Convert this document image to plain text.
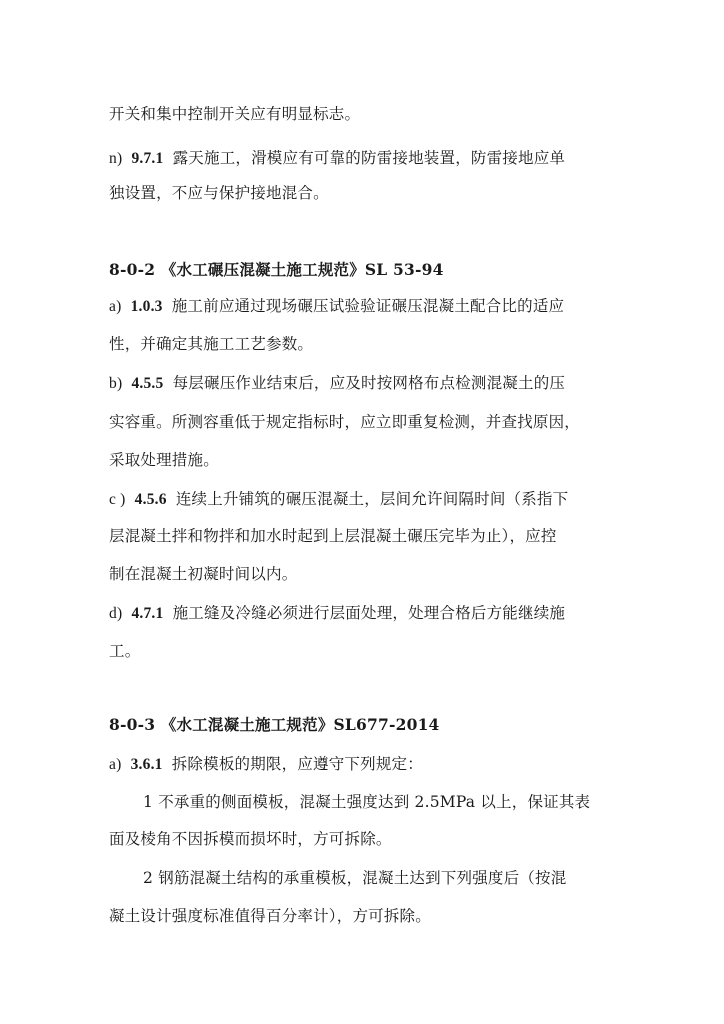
开关和集中控制开关应有明显标志。
n) 9.7.1 露天施工，滑模应有可靠的防雷接地装置，防雷接地应单
独设置，不应与保护接地混合。
8-0-2 《水工碾压混凝土施工规范》SL 53-94
a) 1.0.3 施工前应通过现场碾压试验验证碾压混凝土配合比的适应
性，并确定其施工工艺参数。
b) 4.5.5 每层碾压作业结束后，应及时按网格布点检测混凝土的压
实容重。所测容重低于规定指标时，应立即重复检测，并查找原因，
采取处理措施。
c ) 4.5.6 连续上升铺筑的碾压混凝土，层间允许间隔时间（系指下
层混凝土拌和物拌和加水时起到上层混凝土碾压完毕为止），应控
制在混凝土初凝时间以内。
d) 4.7.1 施工缝及冷缝必须进行层面处理，处理合格后方能继续施
工。
8-0-3 《水工混凝土施工规范》SL677-2014
a) 3.6.1 拆除模板的期限，应遵守下列规定：
1 不承重的侧面模板，混凝土强度达到 2.5MPa 以上，保证其表
面及棱角不因拆模而损坏时，方可拆除。
2 钢筋混凝土结构的承重模板，混凝土达到下列强度后（按混
凝土设计强度标准值得百分率计），方可拆除。
